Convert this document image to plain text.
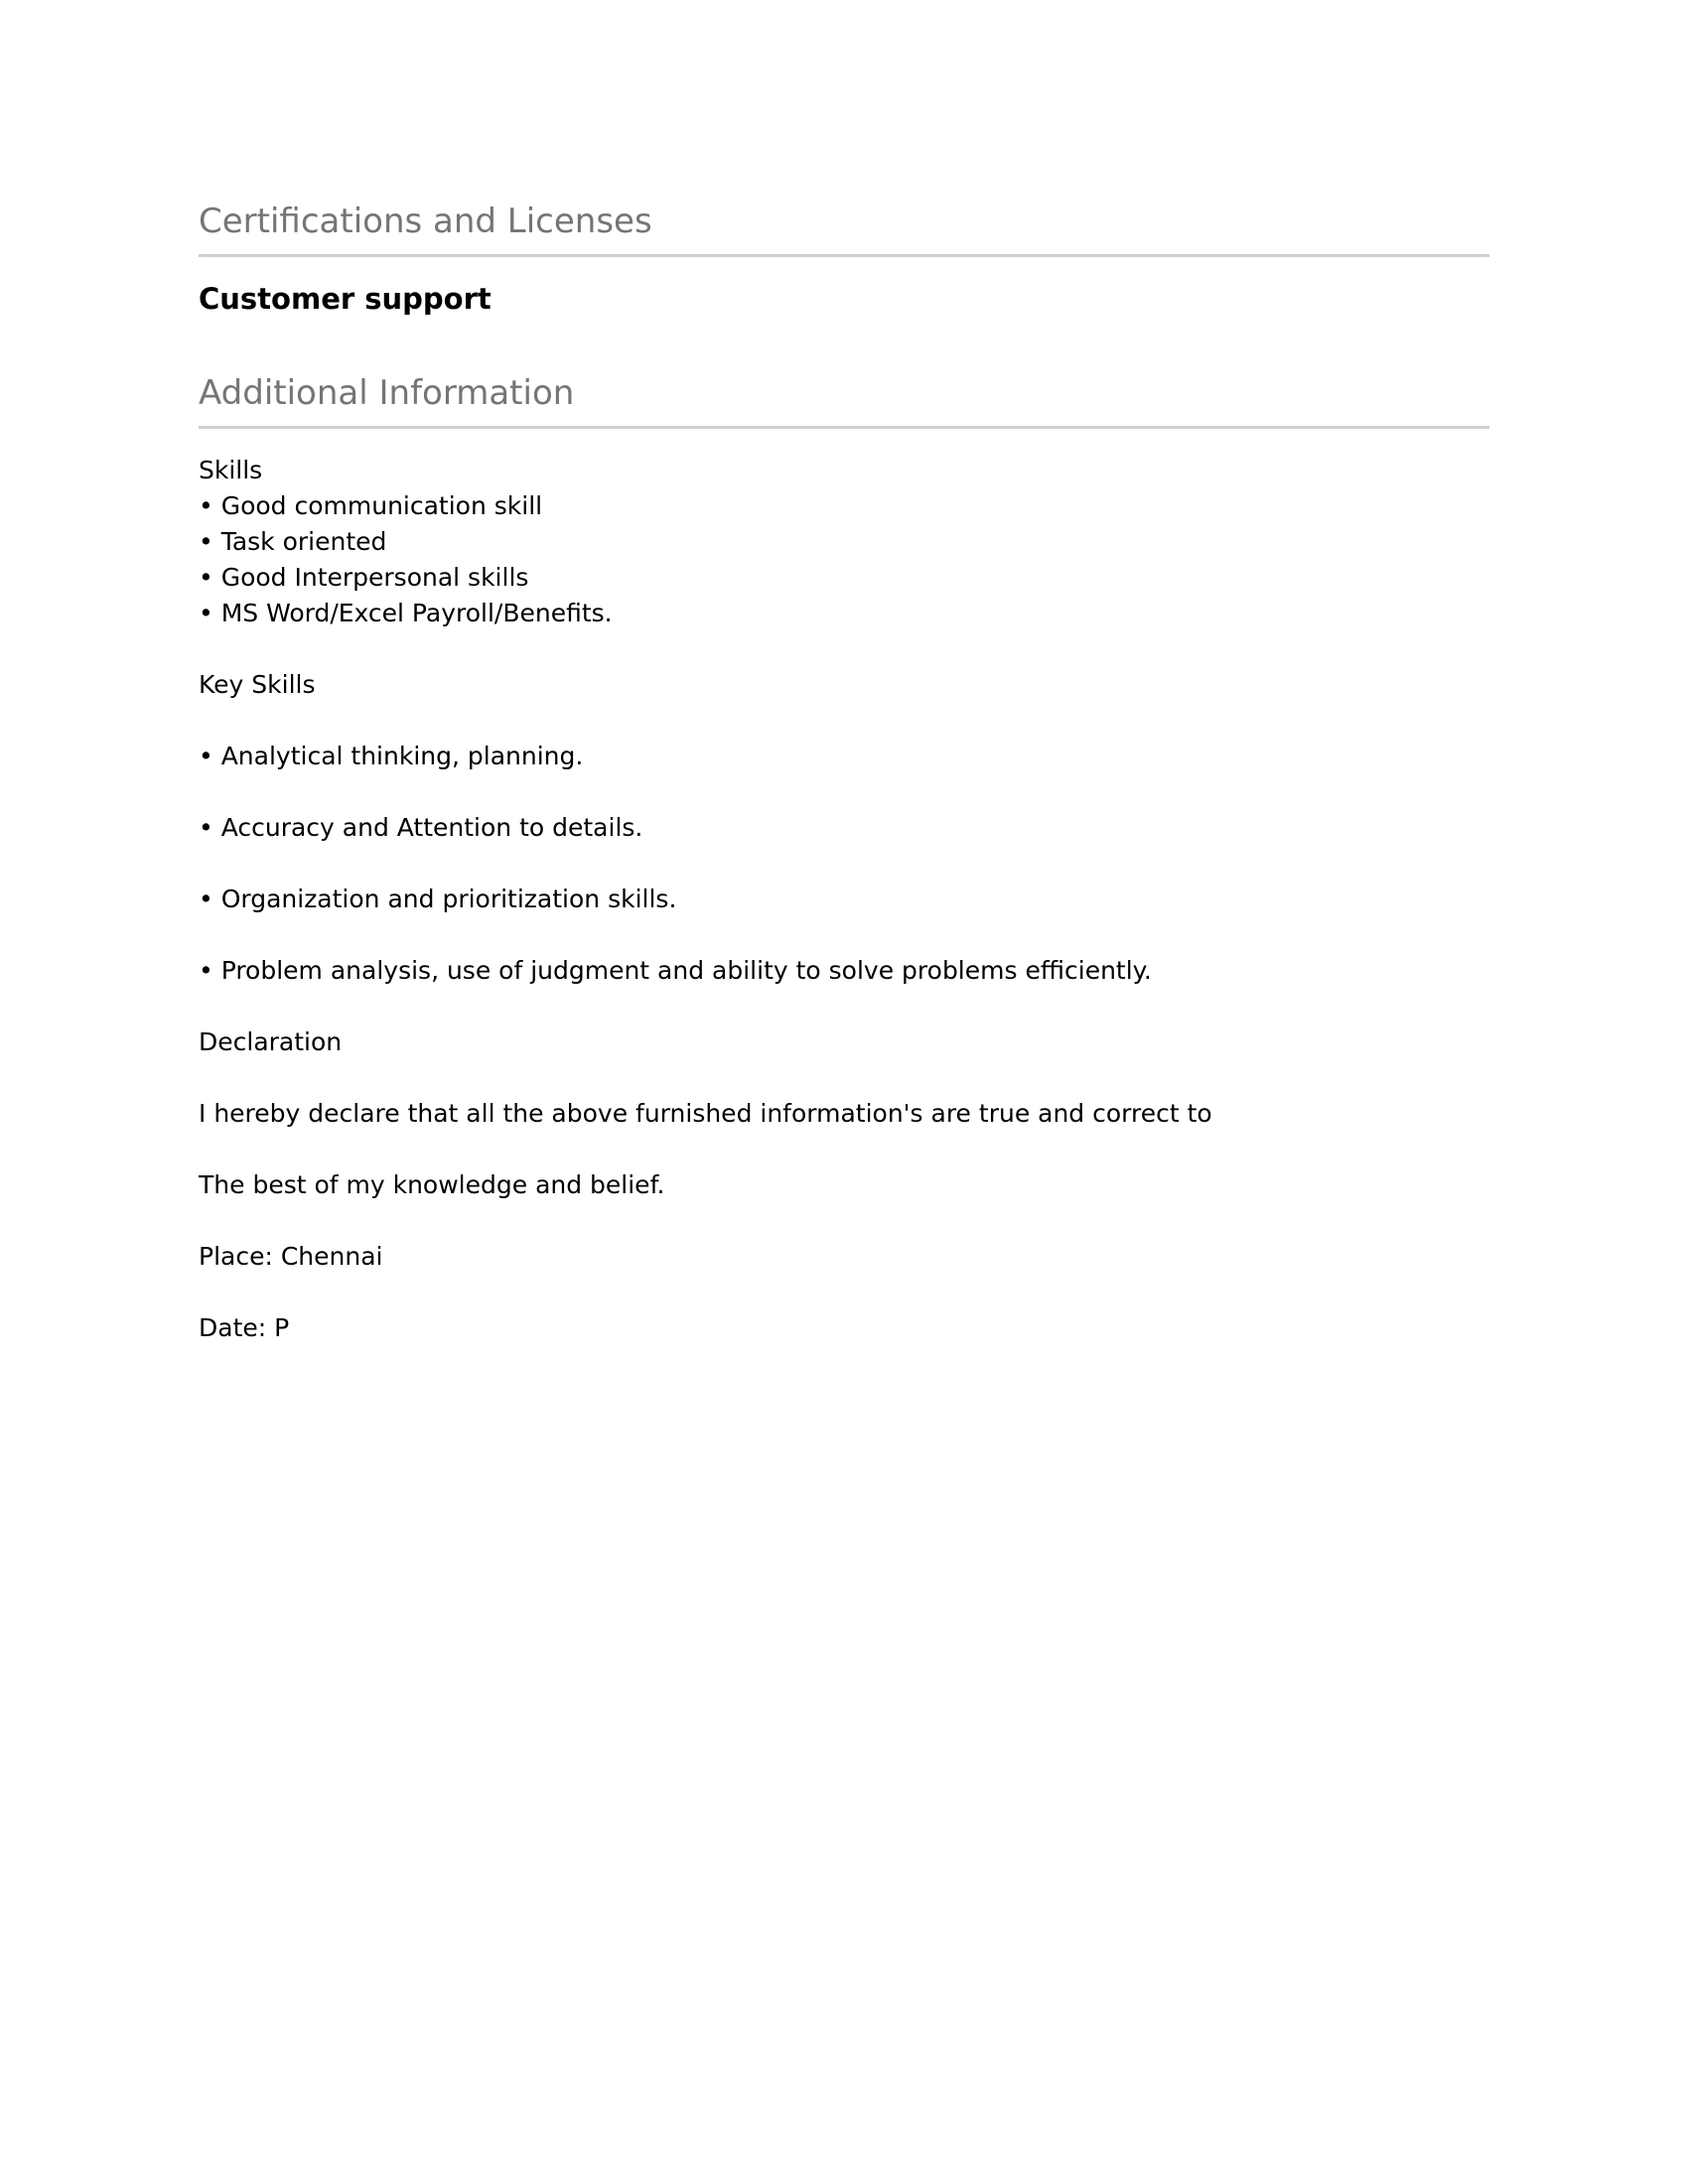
Certifications and Licenses
Customer support
Additional Information
Skills
• Good communication skill
• Task oriented
• Good Interpersonal skills
• MS Word/Excel Payroll/Benefits.
Key Skills
• Analytical thinking, planning.
• Accuracy and Attention to details.
• Organization and prioritization skills.
• Problem analysis, use of judgment and ability to solve problems efficiently.
Declaration
I hereby declare that all the above furnished information's are true and correct to
The best of my knowledge and belief.
Place: Chennai
Date: P
